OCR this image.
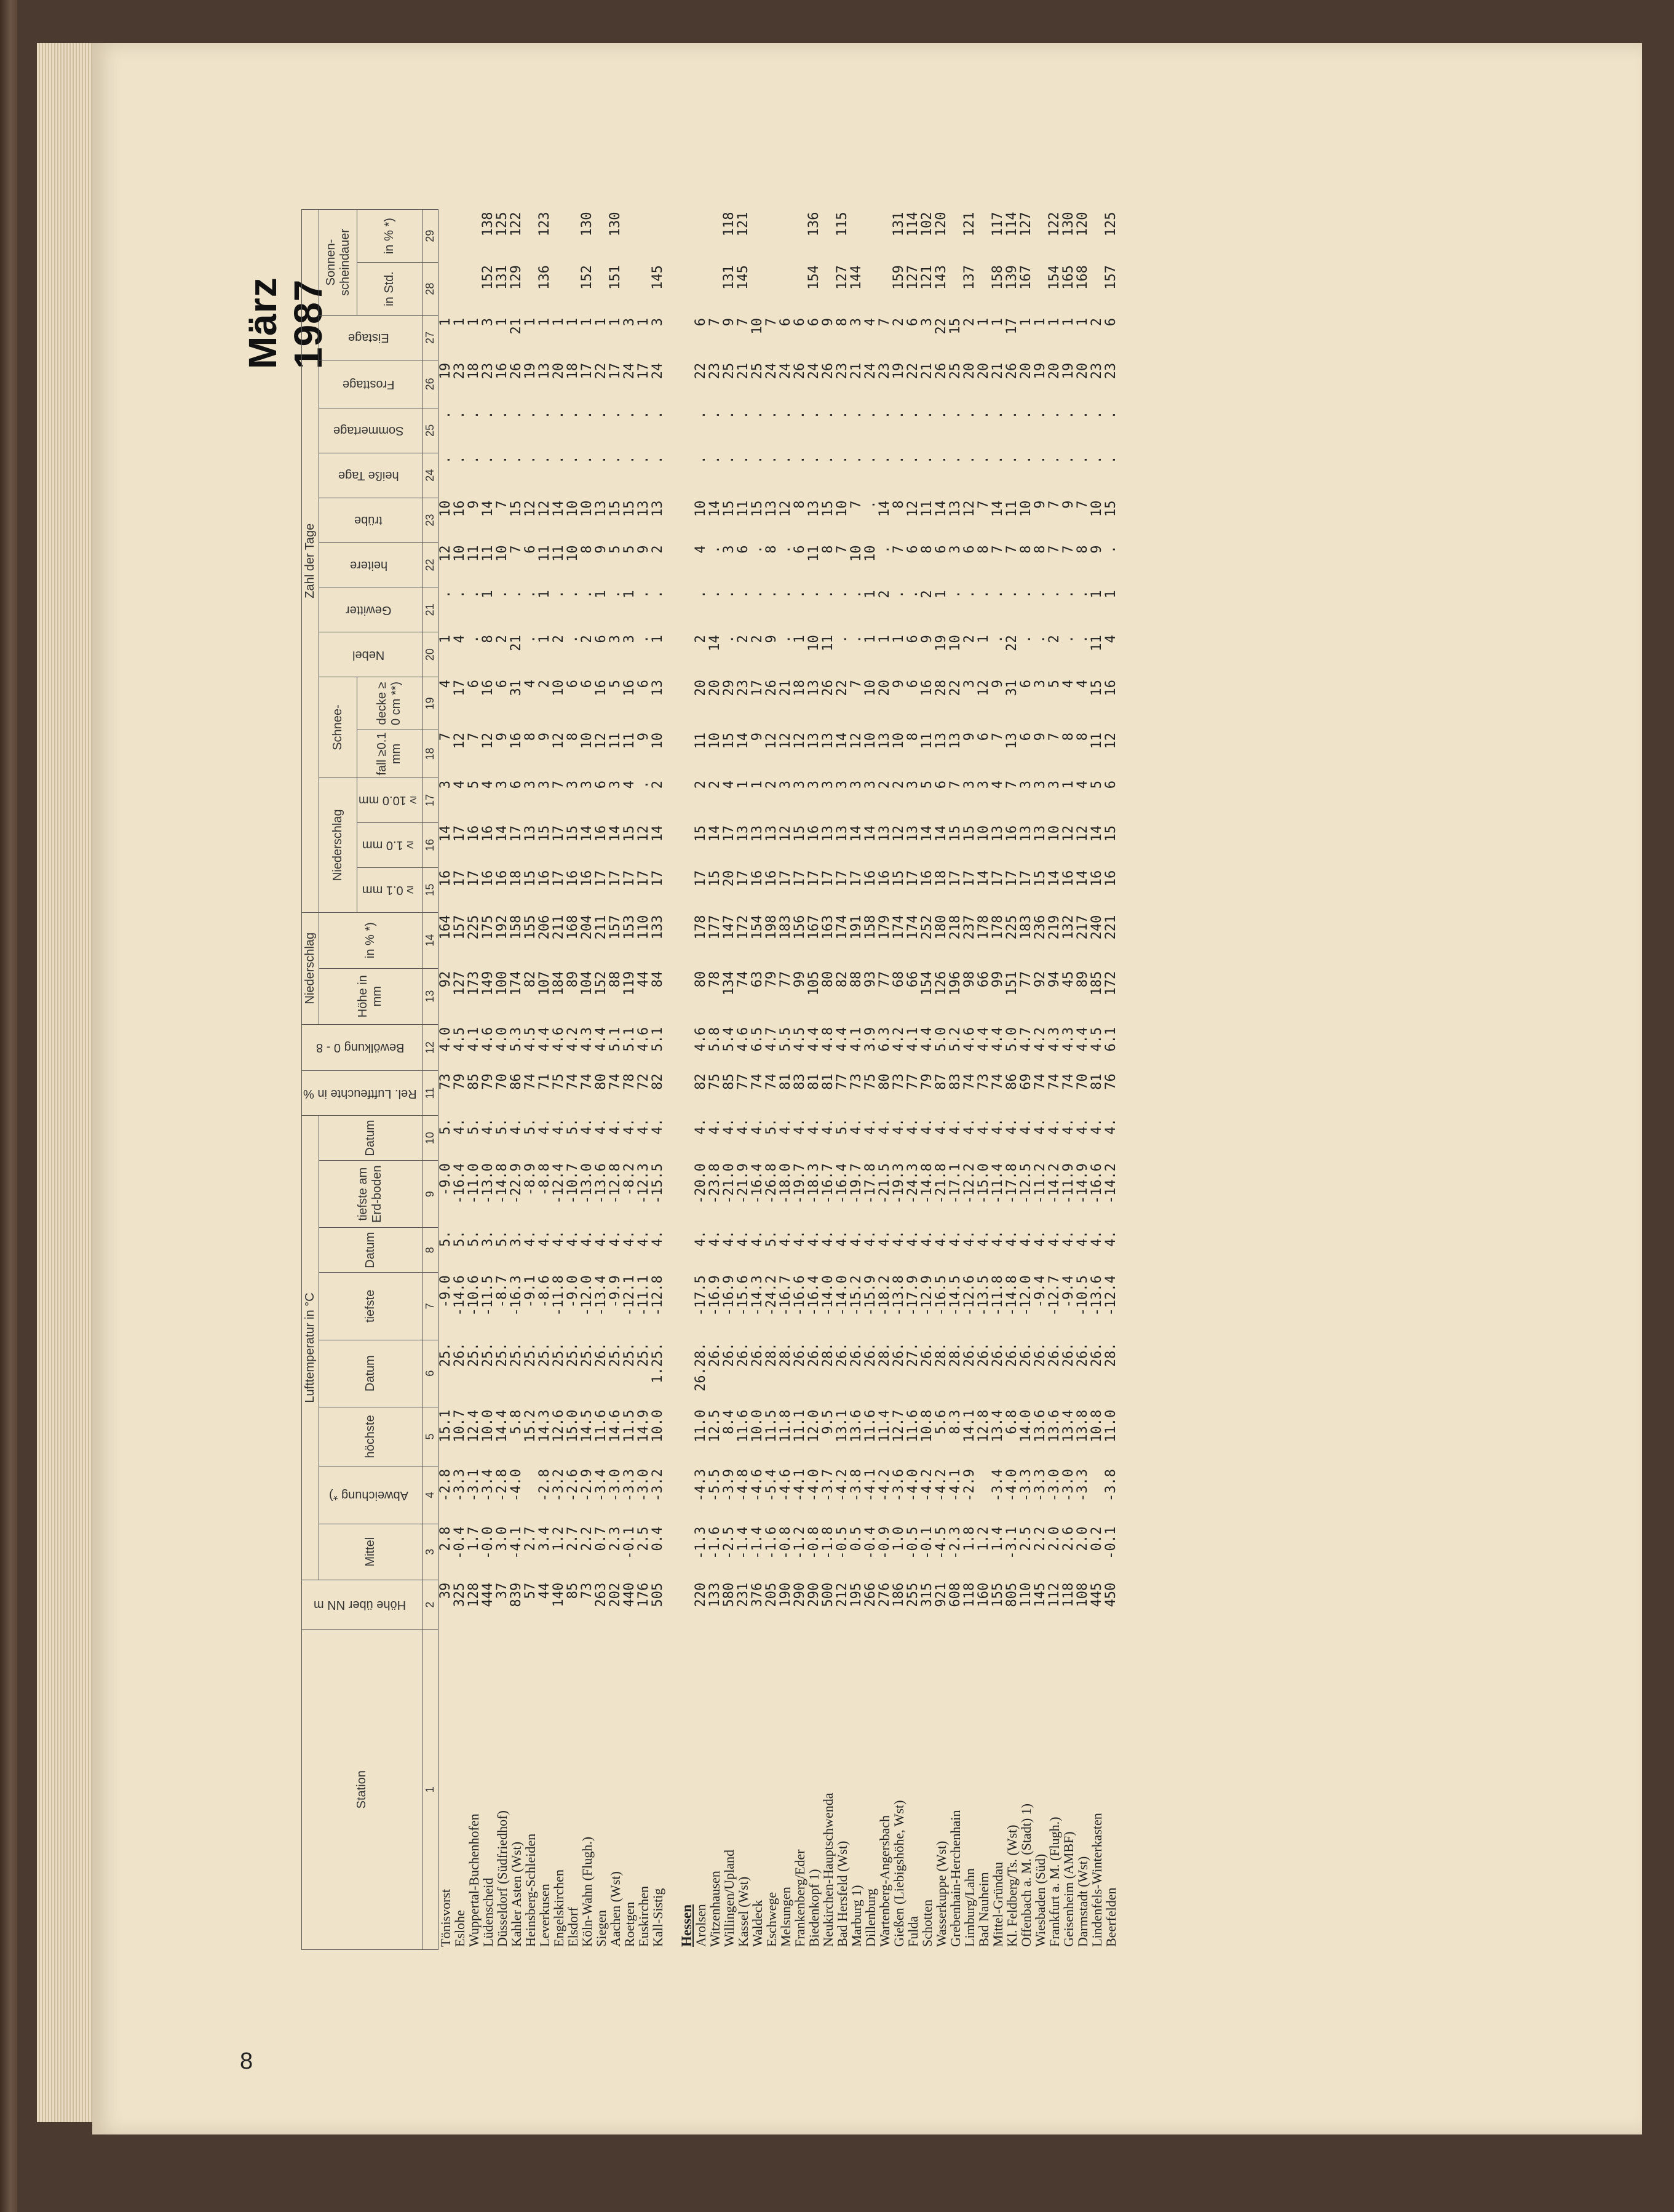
März 1987
Station	Höhe über NN m	Lufttemperatur in °C								Rel. Luftfeuchte in %	Bewölkung 0 - 8	Niederschlag		Zahl der Tage														
		Mittel	Abweichung *)	höchste	Datum	tiefste	Datum	tiefste am Erd-boden	Datum			Höhe in mm	in % *)	Niederschlag			Schnee-		Nebel	Gewitter	heitere	trübe	heiße Tage	Sommertage	Frosttage	Eistage	Sonnen-scheindauer	
														≥ 0.1 mm	≥ 1.0 mm	≥ 10.0 mm	fall ≥0.1 mm	decke ≥ 0 cm **)									in Std.	in % *)
1	2	3	4	5	6	7	8	9	10	11	12	13	14	15	16	17	18	19	20	21	22	23	24	25	26	27	28	29
Tönisvorst	39	2.8	-2.8	15.1	25.	-9.0	5.	-9.0	5.	73	4.0	92	164	16	14	3	7	4	1	.	12	10	.	.	19	1		
Eslohe	325	-0.4	-3.3	10.7	26.	-14.6	5.	-16.4	4.	79	4.5	127	157	17	17	4	12	17	4	.	10	16	.	.	23	1		
Wuppertal-Buchenhofen	128	1.7	-3.1	12.4	25.	-10.6	5.	-11.0	5.	85	4.1	173	225	17	16	5	7	6	.	.	11	9	.	.	18	1		
Lüdenscheid	444	-0.0	-3.4	10.0	25.	-11.5	3.	-13.0	4.	79	4.6	149	175	16	16	4	12	16	8	1	11	14	.	.	23	3	152	138
Düsseldorf (Südfriedhof)	37	3.0	-2.8	14.4	25.	-8.7	5.	-14.8	5.	70	4.0	100	192	16	14	3	9	6	2	.	10	7	.	.	16	1	131	125
Kahler Asten (Wst)	839	-4.1	-4.0	5.8	25.	-16.3	3.	-22.9	4.	86	5.3	174	158	18	17	6	16	31	21	.	7	15	.	.	26	21	129	122
Heinsberg-Schleiden	57	2.7		15.2	25.	-9.1	4.	-8.9	5.	74	4.5	82	155	15	13	3	8	4	.	.	6	12	.	.	19	1		
Leverkusen	44	3.4	-2.8	14.3	25.	-8.6	4.	-8.8	4.	71	4.4	107	206	16	15	3	9	2	1	1	11	12	.	.	13	1	136	123
Engelskirchen	140	1.2	-3.2	12.6	25.	-11.8	4.	-12.4	4.	75	4.6	184	211	17	17	7	12	10	2	.	11	14	.	.	20	1		
Elsdorf	85	2.7	-2.6	15.0	25.	-9.0	4.	-10.7	5.	74	4.2	89	168	16	15	3	8	6	.	.	10	10	.	.	18	1		
Köln-Wahn (Flugh.)	73	2.2	-2.9	14.5	25.	-12.0	4.	-13.0	4.	74	4.3	104	204	16	14	3	10	6	2	.	8	10	.	.	17	1	152	130
Siegen	263	0.7	-3.4	11.6	26.	-13.4	4.	-13.6	4.	80	4.4	152	211	17	16	6	12	16	6	1	9	13	.	.	22	1		
Aachen (Wst)	202	2.3	-3.0	14.6	25.	-9.9	4.	-12.8	4.	74	5.1	88	157	17	14	3	11	5	3	.	5	15	.	.	17	1	151	130
Roetgen	440	-0.1	-3.3	11.5	25.	-12.1	4.	-8.2	4.	78	5.1	119	153	17	15	4	11	16	3	1	5	15	.	.	24	3		
Euskirchen	176	2.5	-3.0	14.9	25.	-11.1	4.	-12.3	4.	72	4.6	44	110	17	12	.	9	6	.	.	9	13	.	.	17	1		
Kall-Sistig	505	0.4	-3.2	10.0	1.25.	-12.8	4.	-15.5	4.	82	5.1	84	133	17	14	2	10	13	1	.	2	13	.	.	24	3	145	

Hessen																												
Arolsen	220	-1.3	-4.3	11.0	26.28.	-17.5	4.	-20.0	4.	82	4.6	80	178	17	15	2	11	20	2	.	4	10	.	.	22	6		
Witzenhausen	133	-1.6	-5.5	12.5	26.	-16.9	4.	-23.8	4.	75	5.8	78	177	15	14	2	10	20	14	.	.	14	.	.	23	7		
Willingen/Upland	580	-2.5	-3.9	8.4	26.	-16.9	4.	-21.0	4.	85	5.4	134	147	20	17	4	15	29	.	.	3	15	.	.	25	9	131	118
Kassel (Wst)	231	-1.4	-4.8	11.6	26.	-15.6	4.	-21.9	4.	77	4.6	74	172	17	13	1	14	23	2	.	6	11	.	.	21	7	145	121
Waldeck	376	-1.4	-4.6	10.0	26.	-14.3	4.	-16.4	4.	74	6.5	63	154	16	13	1	9	17	2	.	.	15	.	.	25	10		
Eschwege	205	-1.6	-5.4	11.5	28.	-24.2	5.	-26.8	5.	74	4.7	79	198	16	13	2	12	26	9	.	8	13	.	.	24	7		
Melsungen	190	-0.8	-4.6	11.8	28.	-16.7	4.	-18.0	4.	81	5.5	77	183	17	12	3	12	21	.	.	.	12	.	.	24	6		
Frankenberg/Eder	290	-1.2	-4.1	11.1	26.	-16.6	4.	-19.7	4.	83	4.5	99	156	17	15	3	12	18	1	.	6	8	.	.	26	6		
Biedenkopf 1)	290	-0.8	-4.0	12.0	26.	-16.4	4.	-18.3	4.	81	4.4	105	167	17	16	3	13	13	10	.	11	13	.	.	24	6	154	136
Neukirchen-Hauptschwenda	500	-1.8	-3.7	9.5	28.	-14.0	4.	-16.7	4.	81	4.8	80	163	17	13	3	13	26	11	.	8	15	.	.	26	9		
Bad Hersfeld (Wst)	212	-0.5	-4.2	13.1	26.	-14.0	4.	-16.4	5.	77	4.4	82	174	17	13	3	14	22	.	.	7	10	.	.	23	8	127	115
Marburg 1)	195	0.5	-3.8	13.6	26.	-15.2	4.	-19.7	4.	73	4.1	88	191	17	14	3	12	7	.	.	10	7	.	.	21	3	144	
Dillenburg	266	-0.4	-4.1	11.6	26.	-15.9	4.	-17.8	4.	75	3.9	93	158	16	14	3	10	10	1	1	10	.	.	.	24	4		
Wartenberg-Angersbach	276	-0.9	-4.2	11.4	28.	-18.2	4.	-21.5	4.	80	6.3	77	179	16	13	2	13	20	1	2	.	14	.	.	23	7		
Gießen (Liebigshöhe, Wst)	186	1.0	-3.6	12.7	26.	-13.8	4.	-19.3	4.	73	4.2	68	174	15	12	2	10	9	1	.	7	8	.	.	19	2	159	131
Fulda	255	-0.5	-4.0	11.6	27.	-17.9	4.	-24.3	4.	77	4.1	66	174	17	13	3	8	6	6	.	6	12	.	.	22	6	127	114
Schotten	315	-0.1	-4.2	10.8	26.	-12.9	4.	-14.8	4.	79	4.4	154	252	16	14	5	11	16	9	2	8	11	.	.	21	3	121	102
Wasserkuppe (Wst)	921	-4.5	-4.2	5.6	28.	-16.5	4.	-21.8	4.	87	5.0	126	180	18	14	6	13	28	19	1	6	14	.	.	26	22	143	120
Grebenhain-Herchenhain	608	-2.3	-4.1	8.3	28.	-14.5	4.	-17.1	4.	83	5.2	196	218	17	15	7	13	22	10	.	3	13	.	.	25	15		
Limburg/Lahn	118	1.8	-2.9	14.1	26.	-12.6	4.	-12.2	4.	74	4.6	98	237	17	15	3	9	3	2	.	6	12	.	.	20	2	137	121
Bad Nauheim	160	1.2		12.8	26.	-13.5	4.	-15.0	4.	73	4.4	66	178	14	10	3	6	12	1	.	8	7	.	.	20	1		
Mittel-Gründau	155	1.4	-3.4	13.4	26.	-11.8	4.	-11.4	4.	74	4.4	99	178	17	13	4	7	9	.	.	7	14	.	.	21	1	158	117
Kl. Feldberg/Ts. (Wst)	805	-3.1	-4.0	6.8	26.	-14.8	4.	-17.8	4.	86	5.0	151	225	17	16	7	13	31	22	.	7	11	.	.	26	17	139	114
Offenbach a. M. (Stadt) 1)	110	2.5	-3.3	14.0	26.	-12.0	4.	-12.5	4.	69	4.7	77	183	17	13	3	6	6	.	.	8	10	.	.	20	1	167	127
Wiesbaden (Süd)	145	2.2	-3.3	13.6	26.	-9.4	4.	-11.2	4.	74	4.2	92	236	15	13	3	9	3	.	.	8	9	.	.	19	1		
Frankfurt a. M. (Flugh.)	112	2.0	-3.0	13.6	26.	-12.7	4.	-14.2	4.	74	4.3	94	219	14	10	3	7	5	2	.	7	7	.	.	20	1	154	122
Geisenheim (AMBF)	118	2.6	-3.0	13.4	26.	-9.4	4.	-11.9	4.	74	4.3	45	132	16	12	1	8	4	.	.	7	9	.	.	19	1	165	130
Darmstadt (Wst)	108	2.0	-3.3	13.8	26.	-10.5	4.	-14.9	4.	70	4.4	89	217	14	12	4	8	4	.	.	8	7	.	.	20	1	168	120
Lindenfels-Winterkasten	445	0.2		10.8	26.	-13.6	4.	-16.6	4.	81	4.5	185	240	16	14	5	11	15	11	1	9	10	.	.	23	2		
Beerfelden	450	-0.1	-3.8	11.0	28.	-12.4	4.	-14.2	4.	76	6.1	172	221	16	15	6	12	16	4	1	.	15	.	.	23	6	157	125
8
